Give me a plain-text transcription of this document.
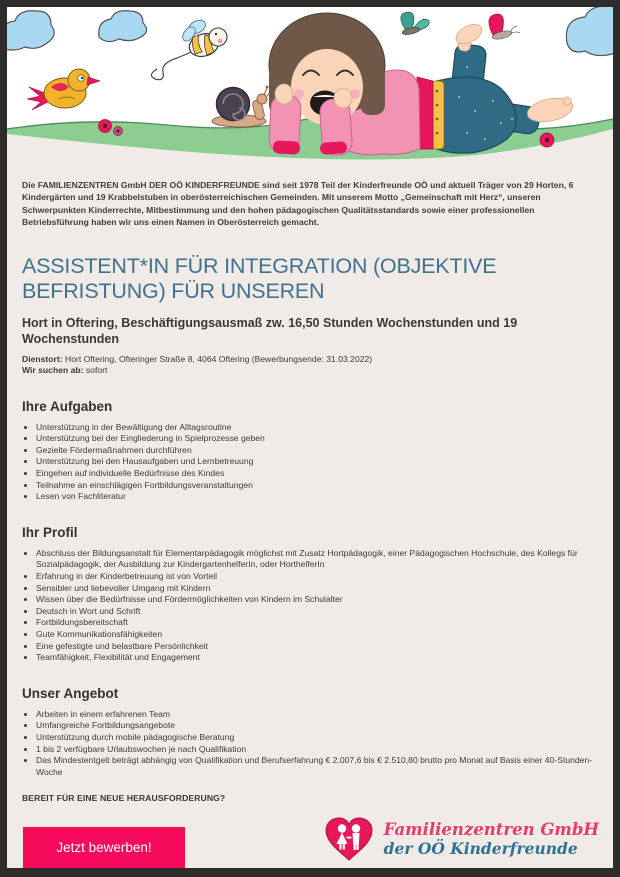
Die FAMILIENZENTREN GmbH DER OÖ KINDERFREUNDE sind seit 1978 Teil der Kinderfreunde OÖ und aktuell Träger von 29 Horten, 6 Kindergärten und 19 Krabbelstuben in oberösterreichischen Gemeinden. Mit unserem Motto „Gemeinschaft mit Herz“, unseren Schwerpunkten Kinderrechte, Mitbestimmung und den hohen pädagogischen Qualitätsstandards sowie einer professionellen Betriebsführung haben wir uns einen Namen in Oberösterreich gemacht.

ASSISTENT*IN FÜR INTEGRATION (OBJEKTIVE BEFRISTUNG) FÜR UNSEREN
Hort in Oftering, Beschäftigungsausmaß zw. 16,50 Stunden Wochenstunden und 19 Wochenstunden
Dienstort: Hort Oftering, Ofteringer Straße 8, 4064 Oftering (Bewerbungsende: 31.03.2022)
Wir suchen ab: sofort
Ihre Aufgaben
• Unterstützung in der Bewältigung der Alltagsroutine
• Unterstützung bei der Eingliederung in Spielprozesse geben
• Gezielte Fördermaßnahmen durchführen
• Unterstützung bei den Hausaufgaben und Lernbetreuung
• Eingehen auf individuelle Bedürfnisse des Kindes
• Teilnahme an einschlägigen Fortbildungsveranstaltungen
• Lesen von Fachliteratur
Ihr Profil
• Abschluss der Bildungsanstalt für Elementarpädagogik möglichst mit Zusatz Hortpädagogik, einer Pädagogischen Hochschule, des Kollegs für Sozialpädagogik, der Ausbildung zur KindergartenhelferIn, oder HorthelferIn
• Erfahrung in der Kinderbetreuung ist von Vorteil
• Sensibler und liebevoller Umgang mit Kindern
• Wissen über die Bedürfnisse und Fördermöglichkeiten von Kindern im Schulalter
• Deutsch in Wort und Schrift
• Fortbildungsbereitschaft
• Gute Kommunikationsfähigkeiten
• Eine gefestigte und belastbare Persönlichkeit
• Teamfähigkeit, Flexibilität und Engagement
Unser Angebot
• Arbeiten in einem erfahrenen Team
• Umfangreiche Fortbildungsangebote
• Unterstützung durch mobile pädagogische Beratung
• 1 bis 2 verfügbare Urlaubswochen je nach Qualifikation
• Das Mindestentgelt beträgt abhängig von Qualifikation und Berufserfahrung € 2.007,6 bis € 2.510,80 brutto pro Monat auf Basis einer 40-Stunden-Woche

BEREIT FÜR EINE NEUE HERAUSFORDERUNG?

Jetzt bewerben!
Familienzentren GmbH
der OÖ Kinderfreunde
